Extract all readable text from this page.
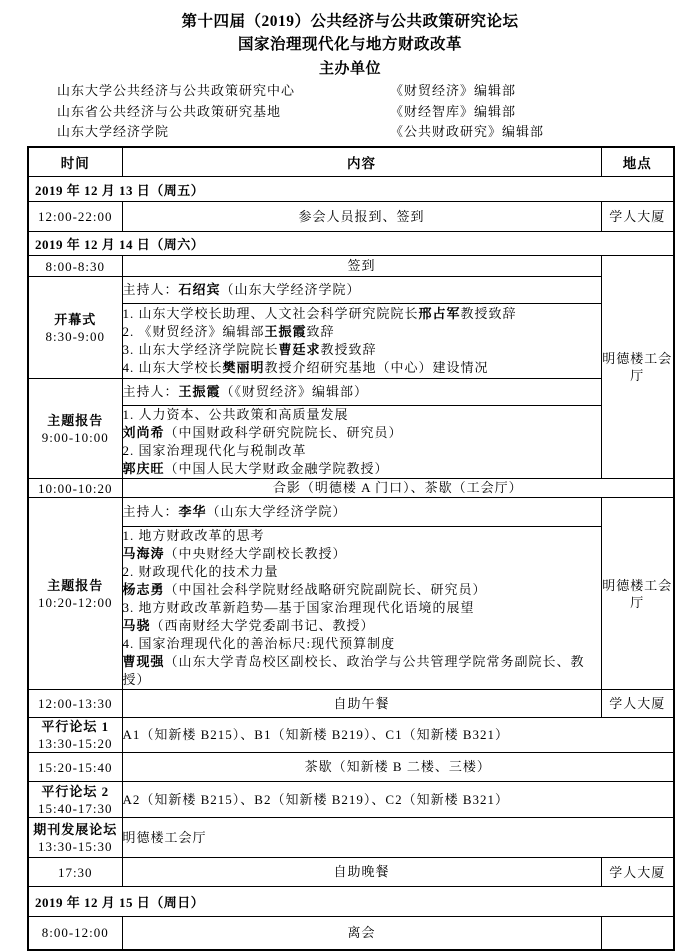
第十四届（2019）公共经济与公共政策研究论坛
国家治理现代化与地方财政改革
主办单位
山东大学公共经济与公共政策研究中心	《财贸经济》编辑部
山东省公共经济与公共政策研究基地	《财经智库》编辑部
山东大学经济学院	《公共财政研究》编辑部
时间	内容	地点
2019 年 12 月 13 日（周五）		
12:00-22:00	参会人员报到、签到	学人大厦
2019 年 12 月 14 日（周六）		
8:00-8:30	签到	明德楼工会厅

开幕式
8:30-9:00	主持人：石绍宾（山东大学经济学院）	

	1. 山东大学校长助理、人文社会科学研究院院长邢占军教授致辞
2. 《财贸经济》编辑部王振霞致辞
3. 山东大学经济学院院长曹廷求教授致辞
4. 山东大学校长樊丽明教授介绍研究基地（中心）建设情况	

主题报告
9:00-10:00	主持人：王振霞（《财贸经济》编辑部）	

	1. 人力资本、公共政策和高质量发展
刘尚希（中国财政科学研究院院长、研究员）
2. 国家治理现代化与税制改革
郭庆旺（中国人民大学财政金融学院教授）	

10:00-10:20	合影（明德楼 A 门口）、茶歇（工会厅）	

主题报告
10:20-12:00	主持人：李华（山东大学经济学院）	明德楼工会厅

1. 地方财政改革的思考
马海涛（中央财经大学副校长教授）
2. 财政现代化的技术力量
杨志勇（中国社会科学院财经战略研究院副院长、研究员）
3. 地方财政改革新趋势—基于国家治理现代化语境的展望
马骁（西南财经大学党委副书记、教授）
4. 国家治理现代化的善治标尺:现代预算制度
曹现强（山东大学青岛校区副校长、政治学与公共管理学院常务副院长、教授）

12:00-13:30	自助午餐	学人大厦

平行论坛 1
13:30-15:20	A1（知新楼 B215）、B1（知新楼 B219）、C1（知新楼 B321）	
15:20-15:40	茶歇（知新楼 B 二楼、三楼）	

平行论坛 2
15:40-17:30	A2（知新楼 B215）、B2（知新楼 B219）、C2（知新楼 B321）	

期刊发展论坛
13:30-15:30	明德楼工会厅	
17:30	自助晚餐	学人大厦
2019 年 12 月 15 日（周日）		
8:00-12:00	离会	
